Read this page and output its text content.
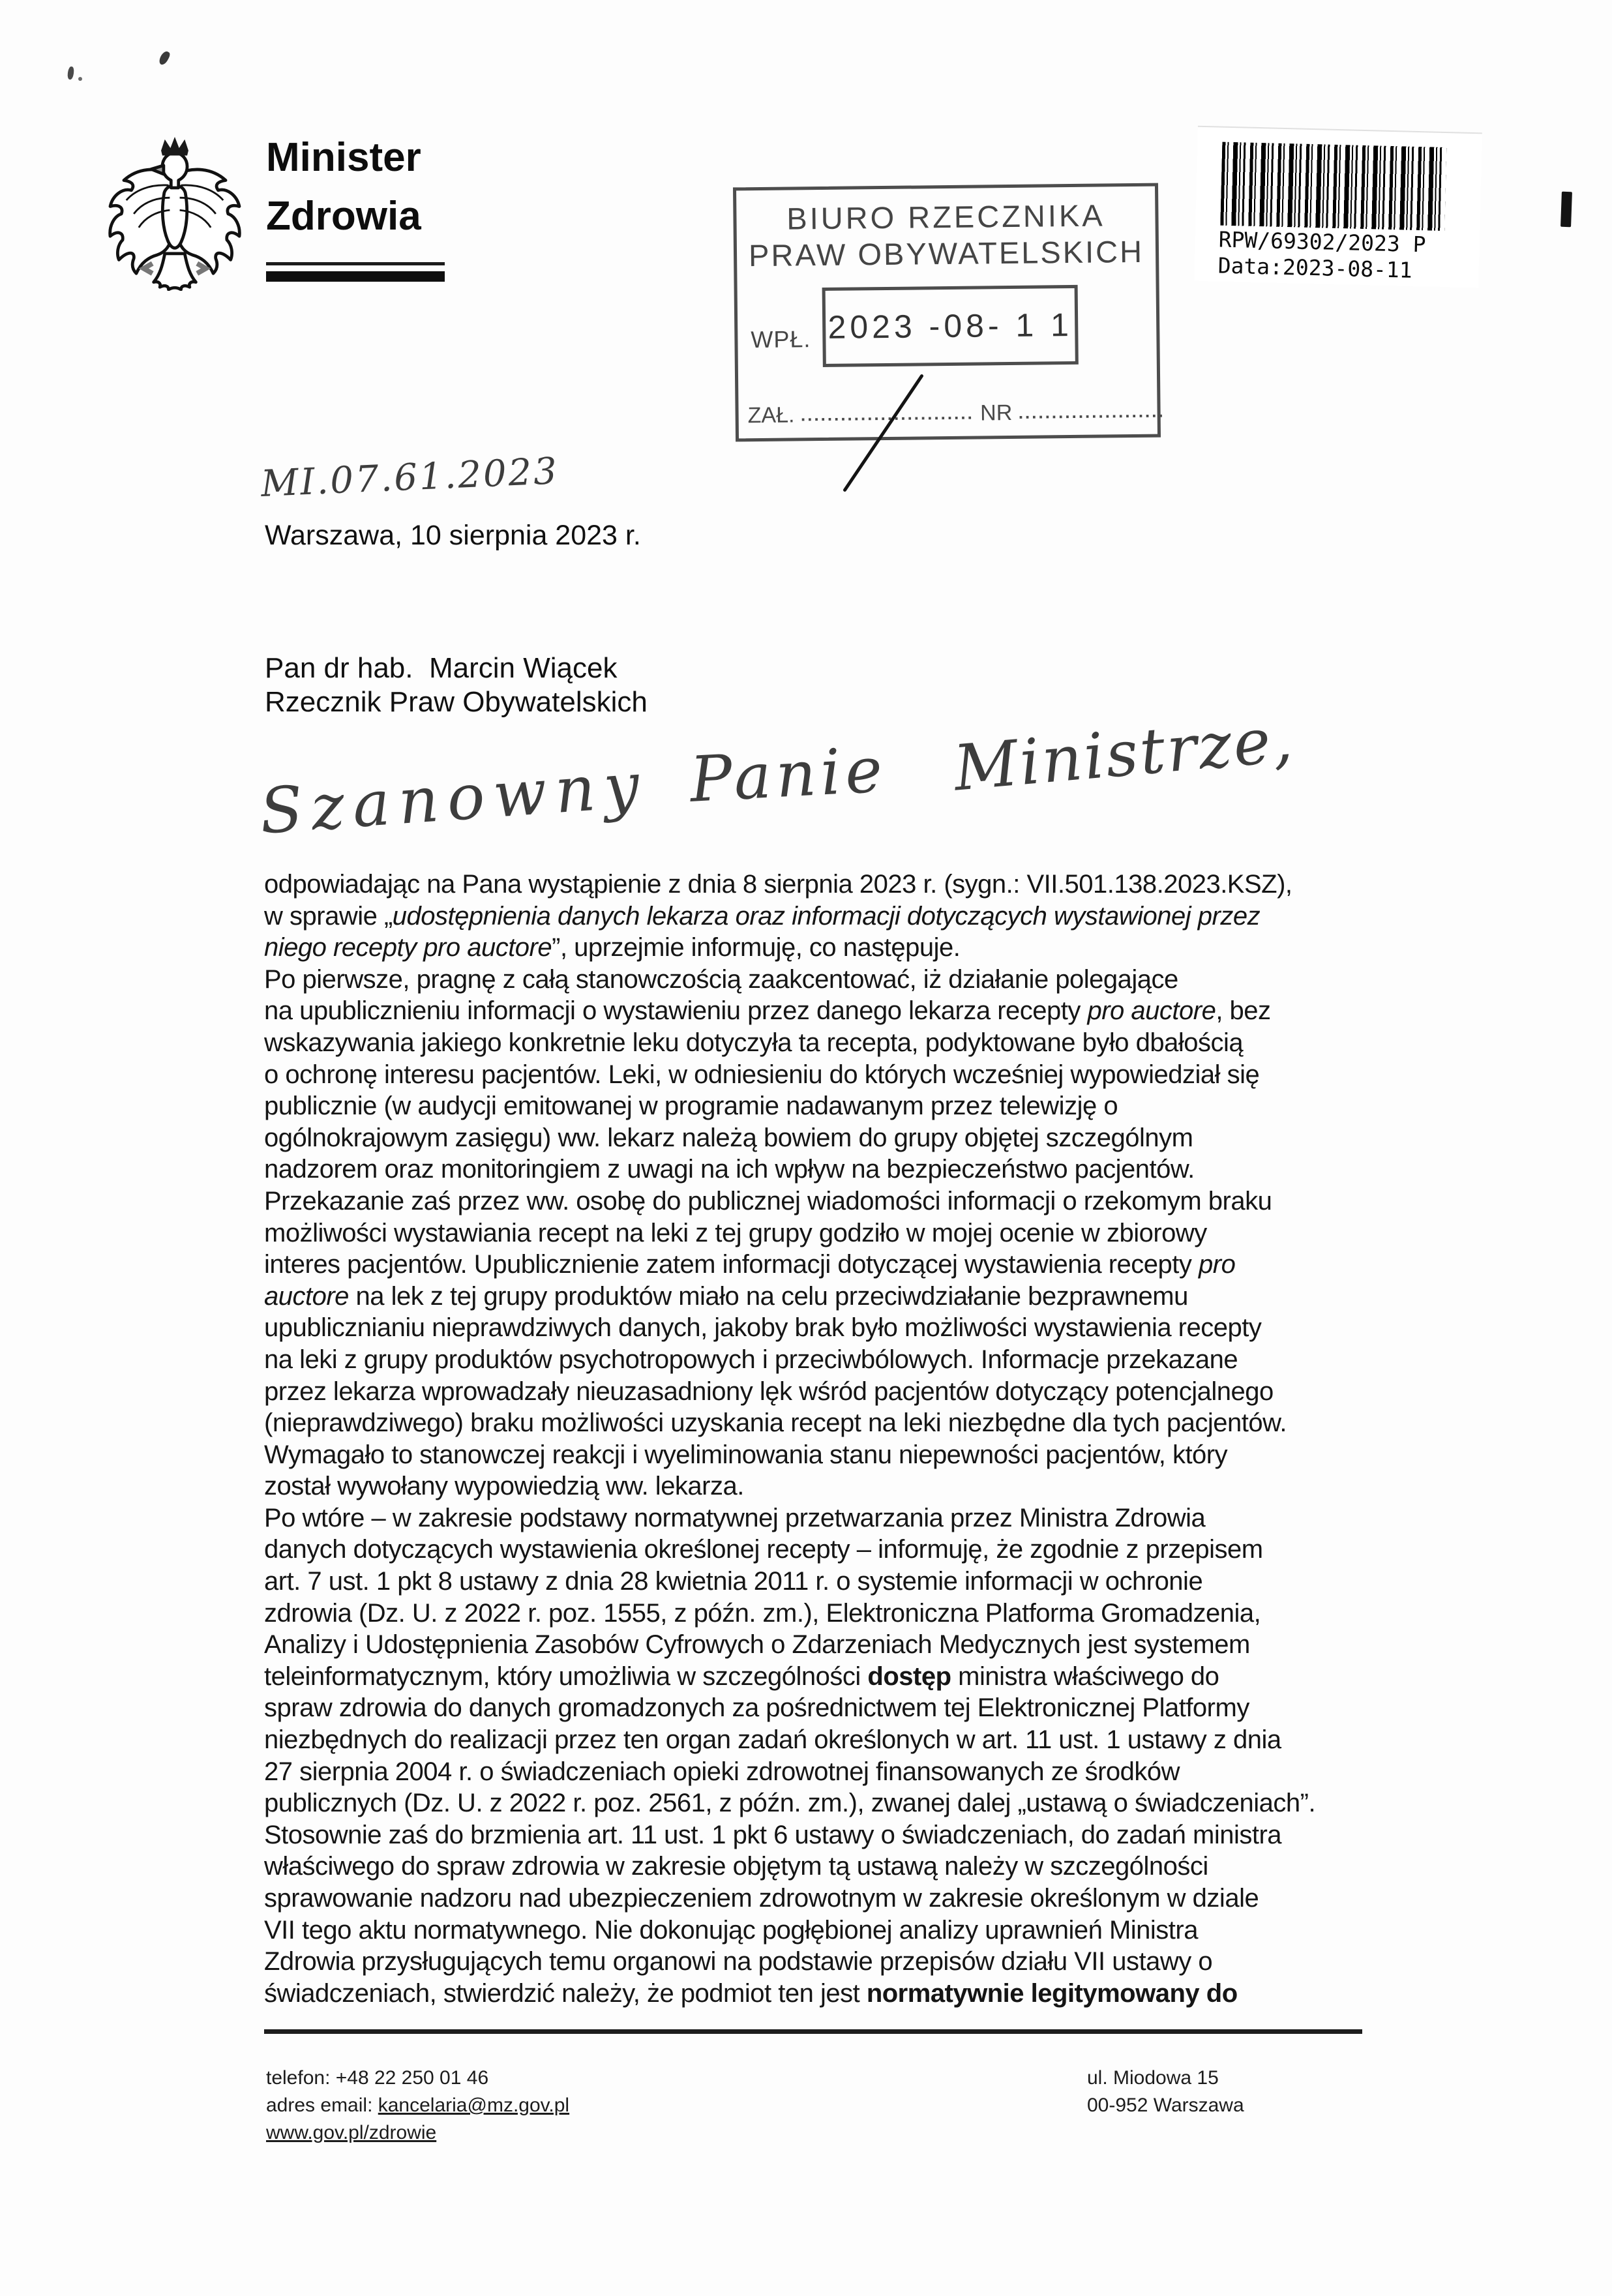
Minister
Zdrowia	BIURO RZECZNIKA
PRAW OBYWATELSKICH
WPŁ. 2023 -08- 1 1
ZAŁ. .......................... NR ......................
RPW/69302/2023 P
Data:2023-08-11
MI.07.61.2023
Warszawa, 10 sierpnia 2023 r.
Pan dr hab.  Marcin Wiącek
Rzecznik Praw Obywatelskich
Szanowny Panie Ministrze,
odpowiadając na Pana wystąpienie z dnia 8 sierpnia 2023 r. (sygn.: VII.501.138.2023.KSZ),
w sprawie „udostępnienia danych lekarza oraz informacji dotyczących wystawionej przez
niego recepty pro auctore”, uprzejmie informuję, co następuje.
Po pierwsze, pragnę z całą stanowczością zaakcentować, iż działanie polegające
na upublicznieniu informacji o wystawieniu przez danego lekarza recepty pro auctore, bez
wskazywania jakiego konkretnie leku dotyczyła ta recepta, podyktowane było dbałością
o ochronę interesu pacjentów. Leki, w odniesieniu do których wcześniej wypowiedział się
publicznie (w audycji emitowanej w programie nadawanym przez telewizję o
ogólnokrajowym zasięgu) ww. lekarz należą bowiem do grupy objętej szczególnym
nadzorem oraz monitoringiem z uwagi na ich wpływ na bezpieczeństwo pacjentów.
Przekazanie zaś przez ww. osobę do publicznej wiadomości informacji o rzekomym braku
możliwości wystawiania recept na leki z tej grupy godziło w mojej ocenie w zbiorowy
interes pacjentów. Upublicznienie zatem informacji dotyczącej wystawienia recepty pro
auctore na lek z tej grupy produktów miało na celu przeciwdziałanie bezprawnemu
upublicznianiu nieprawdziwych danych, jakoby brak było możliwości wystawienia recepty
na leki z grupy produktów psychotropowych i przeciwbólowych. Informacje przekazane
przez lekarza wprowadzały nieuzasadniony lęk wśród pacjentów dotyczący potencjalnego
(nieprawdziwego) braku możliwości uzyskania recept na leki niezbędne dla tych pacjentów.
Wymagało to stanowczej reakcji i wyeliminowania stanu niepewności pacjentów, który
został wywołany wypowiedzią ww. lekarza.
Po wtóre – w zakresie podstawy normatywnej przetwarzania przez Ministra Zdrowia
danych dotyczących wystawienia określonej recepty – informuję, że zgodnie z przepisem
art. 7 ust. 1 pkt 8 ustawy z dnia 28 kwietnia 2011 r. o systemie informacji w ochronie
zdrowia (Dz. U. z 2022 r. poz. 1555, z późn. zm.), Elektroniczna Platforma Gromadzenia,
Analizy i Udostępnienia Zasobów Cyfrowych o Zdarzeniach Medycznych jest systemem
teleinformatycznym, który umożliwia w szczególności dostęp ministra właściwego do
spraw zdrowia do danych gromadzonych za pośrednictwem tej Elektronicznej Platformy
niezbędnych do realizacji przez ten organ zadań określonych w art. 11 ust. 1 ustawy z dnia
27 sierpnia 2004 r. o świadczeniach opieki zdrowotnej finansowanych ze środków
publicznych (Dz. U. z 2022 r. poz. 2561, z późn. zm.), zwanej dalej „ustawą o świadczeniach”.
Stosownie zaś do brzmienia art. 11 ust. 1 pkt 6 ustawy o świadczeniach, do zadań ministra
właściwego do spraw zdrowia w zakresie objętym tą ustawą należy w szczególności
sprawowanie nadzoru nad ubezpieczeniem zdrowotnym w zakresie określonym w dziale
VII tego aktu normatywnego. Nie dokonując pogłębionej analizy uprawnień Ministra
Zdrowia przysługujących temu organowi na podstawie przepisów działu VII ustawy o
świadczeniach, stwierdzić należy, że podmiot ten jest normatywnie legitymowany do
telefon: +48 22 250 01 46
adres email: kancelaria@mz.gov.pl
www.gov.pl/zdrowie
ul. Miodowa 15
00-952 Warszawa
